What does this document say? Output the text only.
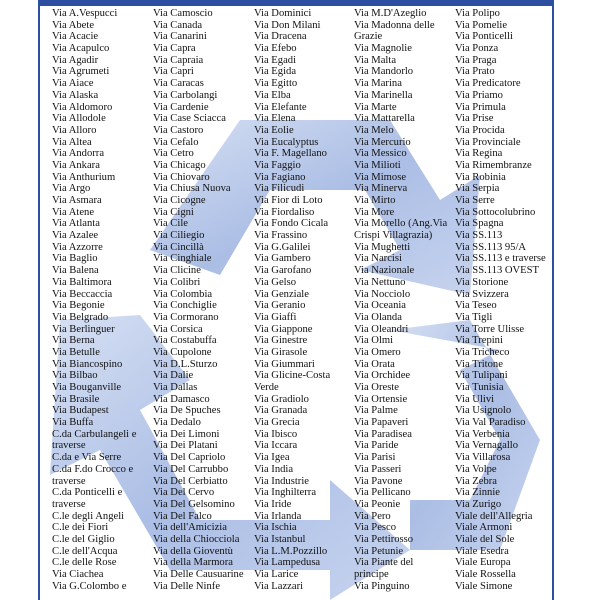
Via A.Vespucci
Via Abete
Via Acacie
Via Acapulco
Via Agadir
Via Agrumeti
Via Aiace
Via Alaska
Via Aldomoro
Via Allodole
Via Alloro
Via Altea
Via Andorra
Via Ankara
Via Anthurium
Via Argo
Via Asmara
Via Atene
Via Atlanta
Via Azalee
Via Azzorre
Via Baglio
Via Balena
Via Baltimora
Via Beccaccia
Via Begonie
Via Belgrado
Via Berlinguer
Via Berna
Via Betulle
Via Biancospino
Via Bilbao
Via Bouganville
Via Brasile
Via Budapest
Via Buffa
C.da Carbulangeli e
traverse
C.da e Via Serre
C.da F.do Crocco e
traverse
C.da Ponticelli e
traverse
C.le degli Angeli
C.le dei Fiori
C.le del Giglio
C.le dell'Acqua
C.le delle Rose
Via Ciachea
Via G.Colombo e
Via Camoscio
Via Canada
Via Canarini
Via Capra
Via Capraia
Via Capri
Via Caracas
Via Carbolangi
Via Cardenie
Via Case Sciacca
Via Castoro
Via Cefalo
Via Cetro
Via Chicago
Via Chiovaro
Via Chiusa Nuova
Via Cicogne
Via Cigni
Via Cile
Via Ciliegio
Via Cincillà
Via Cinghiale
Via Clicine
Via Colibri
Via Colombia
Via Conchiglie
Via Cormorano
Via Corsica
Via Costabuffa
Via Cupolone
Via D.L.Sturzo
Via Dalie
Via Dallas
Via Damasco
Via De Spuches
Via Dedalo
Via Dei Limoni
Via Dei Platani
Via Del Capriolo
Via Del Carrubbo
Via Del Cerbiatto
Via Del Cervo
Via Del Gelsomino
Via Del Falco
Via dell'Amicizia
Via della Chiocciola
Via della Gioventù
Via della Marmora
Via Delle Causuarine
Via Delle Ninfe
Via Dominici
Via Don Milani
Via Dracena
Via Efebo
Via Egadi
Via Egida
Via Egitto
Via Elba
Via Elefante
Via Elena
Via Eolie
Via Eucalyptus
Via F. Magellano
Via Faggio
Via Fagiano
Via Filicudi
Via Fior di Loto
Via Fiordaliso
Via Fondo Cicala
Via Frassino
Via G.Galilei
Via Gambero
Via Garofano
Via Gelso
Via Genziale
Via Geranio
Via Giaffi
Via Giappone
Via Ginestre
Via Girasole
Via Giummari
Via Glicine-Costa
Verde
Via Gradiolo
Via Granada
Via Grecia
Via Ibisco
Via Iccara
Via Igea
Via India
Via Industrie
Via Inghilterra
Via Iride
Via Irlanda
Via Ischia
Via Istanbul
Via L.M.Pozzillo
Via Lampedusa
Via Larice
Via Lazzari
Via M.D'Azeglio
Via Madonna delle
Grazie
Via Magnolie
Via Malta
Via Mandorlo
Via Marina
Via Marinella
Via Marte
Via Mattarella
Via Melo
Via Mercurio
Via Messico
Via Milioti
Via Mimose
Via Minerva
Via Mirto
Via More
Via Morello (Ang.Via
Crispi Villagrazia)
Via Mughetti
Via Narcisi
Via Nazionale
Via Nettuno
Via Nocciolo
Via Oceania
Via Olanda
Via Oleandri
Via Olmi
Via Omero
Via Orata
Via Orchidee
Via Oreste
Via Ortensie
Via Palme
Via Papaveri
Via Paradisea
Via Paride
Via Parisi
Via Passeri
Via Pavone
Via Pellicano
Via Peonie
Via Pero
Via Pesco
Via Pettirosso
Via Petunie
Via Piante del
principe
Via Pinguino
Via Polipo
Via Pomelie
Via Ponticelli
Via Ponza
Via Praga
Via Prato
Via Predicatore
Via Priamo
Via Primula
Via Prise
Via Procida
Via Provinciale
Via Regina
Via Rimembranze
Via Robinia
Via Serpia
Via Serre
Via Sottocolubrino
Via Spagna
Via SS.113
Via SS.113 95/A
Via SS.113 e traverse
Via SS.113 OVEST
Via Storione
Via Svizzera
Via Teseo
Via Tigli
Via Torre Ulisse
Via Trepini
Via Tricheco
Via Tritone
Via Tulipani
Via Tunisia
Via Ulivi
Via Usignolo
Via Val Paradiso
Via Verbenia
Via Vernagallo
Via Villarosa
Via Volpe
Via Zebra
Via Zinnie
Via Zurigo
Viale dell'Allegria
Viale Armoni
Viale del Sole
Viale Esedra
Viale Europa
Viale Rossella
Viale Simone
